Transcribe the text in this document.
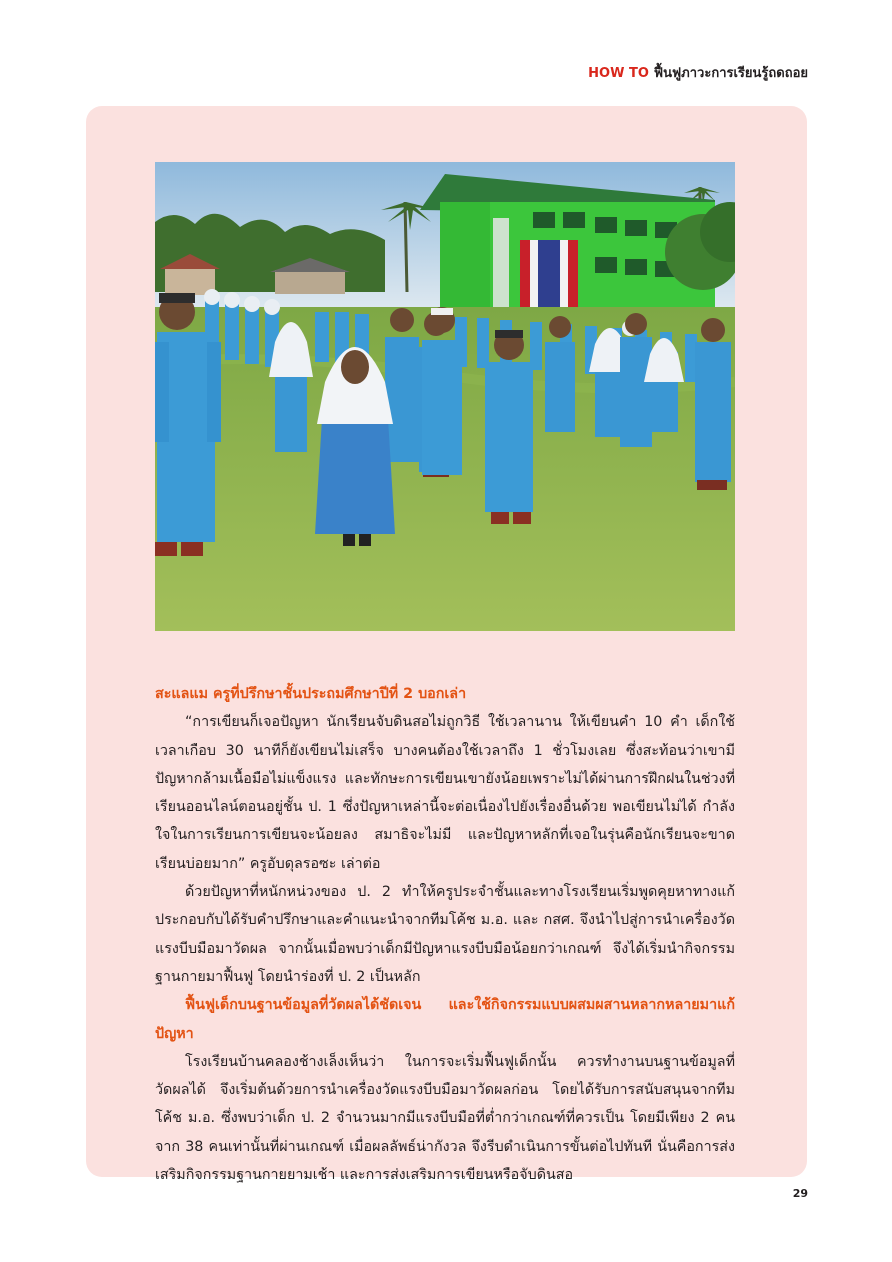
HOW TO ฟื้นฟูภาวะการเรียนรู้ถดถอย

สะแลแม ครูที่ปรึกษาชั้นประถมศึกษาปีที่ 2 บอกเล่า

“การเขียนก็เจอปัญหา นักเรียนจับดินสอไม่ถูกวิธี ใช้เวลานาน ให้เขียนคำ 10 คำ เด็กใช้เวลาเกือบ 30 นาทีก็ยังเขียนไม่เสร็จ บางคนต้องใช้เวลาถึง 1 ชั่วโมงเลย ซึ่งสะท้อนว่าเขามีปัญหากล้ามเนื้อมือไม่แข็งแรง และทักษะการเขียนเขายังน้อยเพราะไม่ได้ผ่านการฝึกฝนในช่วงที่เรียนออนไลน์ตอนอยู่ชั้น ป. 1 ซึ่งปัญหาเหล่านี้จะต่อเนื่องไปยังเรื่องอื่นด้วย พอเขียนไม่ได้ กำลังใจในการเรียนการเขียนจะน้อยลง สมาธิจะไม่มี และปัญหาหลักที่เจอในรุ่นคือนักเรียนจะขาดเรียนบ่อยมาก” ครูอับดุลรอซะ เล่าต่อ

ด้วยปัญหาที่หนักหน่วงของ ป. 2 ทำให้ครูประจำชั้นและทางโรงเรียนเริ่มพูดคุยหาทางแก้ ประกอบกับได้รับคำปรึกษาและคำแนะนำจากทีมโค้ช ม.อ. และ กสศ. จึงนำไปสู่การนำเครื่องวัดแรงบีบมือมาวัดผล จากนั้นเมื่อพบว่าเด็กมีปัญหาแรงบีบมือน้อยกว่าเกณฑ์ จึงได้เริ่มนำกิจกรรมฐานกายมาฟื้นฟู โดยนำร่องที่ ป. 2 เป็นหลัก

ฟื้นฟูเด็กบนฐานข้อมูลที่วัดผลได้ชัดเจน และใช้กิจกรรมแบบผสมผสานหลากหลายมาแก้ปัญหา

โรงเรียนบ้านคลองช้างเล็งเห็นว่า ในการจะเริ่มฟื้นฟูเด็กนั้น ควรทำงานบนฐานข้อมูลที่วัดผลได้ จึงเริ่มต้นด้วยการนำเครื่องวัดแรงบีบมือมาวัดผลก่อน โดยได้รับการสนับสนุนจากทีมโค้ช ม.อ. ซึ่งพบว่าเด็ก ป. 2 จำนวนมากมีแรงบีบมือที่ต่ำกว่าเกณฑ์ที่ควรเป็น โดยมีเพียง 2 คนจาก 38 คนเท่านั้นที่ผ่านเกณฑ์ เมื่อผลลัพธ์น่ากังวล จึงรีบดำเนินการขั้นต่อไปทันที นั่นคือการส่งเสริมกิจกรรมฐานกายยามเช้า และการส่งเสริมการเขียนหรือจับดินสอ

29
